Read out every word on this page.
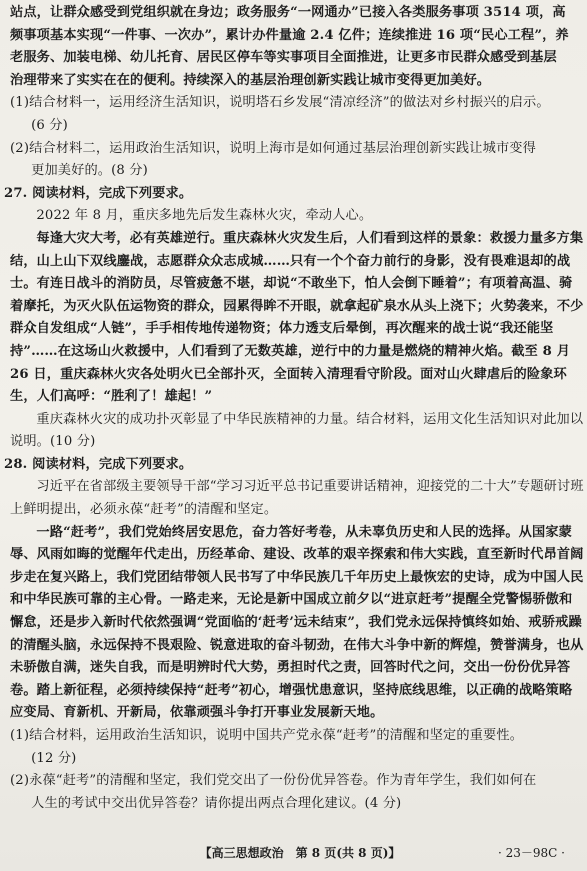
站点，让群众感受到党组织就在身边；政务服务“一网通办”已接入各类服务事项 3514 项，高
频事项基本实现“一件事、一次办”，累计办件量逾 2.4 亿件；连续推进 16 项“民心工程”，养
老服务、加装电梯、幼儿托育、居民区停车等实事项目全面推进，让更多市民群众感受到基层
治理带来了实实在在的便利。持续深入的基层治理创新实践让城市变得更加美好。

(1)结合材料一，运用经济生活知识，说明塔石乡发展“清凉经济”的做法对乡村振兴的启示。
(6 分)

(2)结合材料二，运用政治生活知识，说明上海市是如何通过基层治理创新实践让城市变得
更加美好的。(8 分)

27. 阅读材料，完成下列要求。

2022 年 8 月，重庆多地先后发生森林火灾，牵动人心。

每逢大灾大考，必有英雄逆行。重庆森林火灾发生后，人们看到这样的景象：救援力量多方集结，山上山下双线鏖战，志愿群众众志成城……只有一个个奋力前行的身影，没有畏难退却的战士。有连日战斗的消防员，尽管疲惫不堪，却说“不敢坐下，怕人会倒下睡着”；有项着高温、骑着摩托，为灭火队伍运物资的群众，园累得眸不开眼，就拿起矿泉水从头上浇下；火势袭来，不少群众自发组成“人链”，手手相传地传递物资；体力透支后晕倒，再次醒来的战士说“我还能坚持”……在这场山火救援中，人们看到了无数英雄，逆行中的力量是燃烧的精神火焰。截至 8 月 26 日，重庆森林火灾各处明火已全部扑灭，全面转入清理看守阶段。面对山火肆虐后的险象环生，人们高呼：“胜利了！雄起！”

重庆森林火灾的成功扑灭彰显了中华民族精神的力量。结合材料，运用文化生活知识对此加以说明。(10 分)

28. 阅读材料，完成下列要求。

习近平在省部级主要领导干部“学习习近平总书记重要讲话精神，迎接党的二十大”专题研讨班上鲜明提出，必须永葆“赶考”的清醒和坚定。

一路“赶考”，我们党始终居安思危，奋力答好考卷，从未辜负历史和人民的选择。从国家蒙辱、风雨如晦的觉醒年代走出，历经革命、建设、改革的艰辛探索和伟大实践，直至新时代昂首阔步走在复兴路上，我们党团结带领人民书写了中华民族几千年历史上最恢宏的史诗，成为中国人民和中华民族可靠的主心骨。一路走来，无论是新中国成立前夕以“进京赶考”提醒全党警惕骄傲和懈怠，还是步入新时代依然强调“党面临的‘赶考’远未结束”，我们党永远保持慎终如始、戒骄戒躁的清醒头脑，永远保持不畏艰险、锐意进取的奋斗韧劲，在伟大斗争中新的辉煌，赞誉满身，也从未骄傲自满，迷失自我，而是明辨时代大势，勇担时代之责，回答时代之问，交出一份份优异答卷。踏上新征程，必须持续保持“赶考”初心，增强忧患意识，坚持底线思维，以正确的战略策略应变局、育新机、开新局，依靠顽强斗争打开事业发展新天地。

(1)结合材料，运用政治生活知识，说明中国共产党永葆“赶考”的清醒和坚定的重要性。
(12 分)

(2)永葆“赶考”的清醒和坚定，我们党交出了一份份优异答卷。作为青年学生，我们如何在
人生的考试中交出优异答卷？请你提出两点合理化建议。(4 分)

【高三思想政治　第 8 页(共 8 页)】	· 23－98C ·
